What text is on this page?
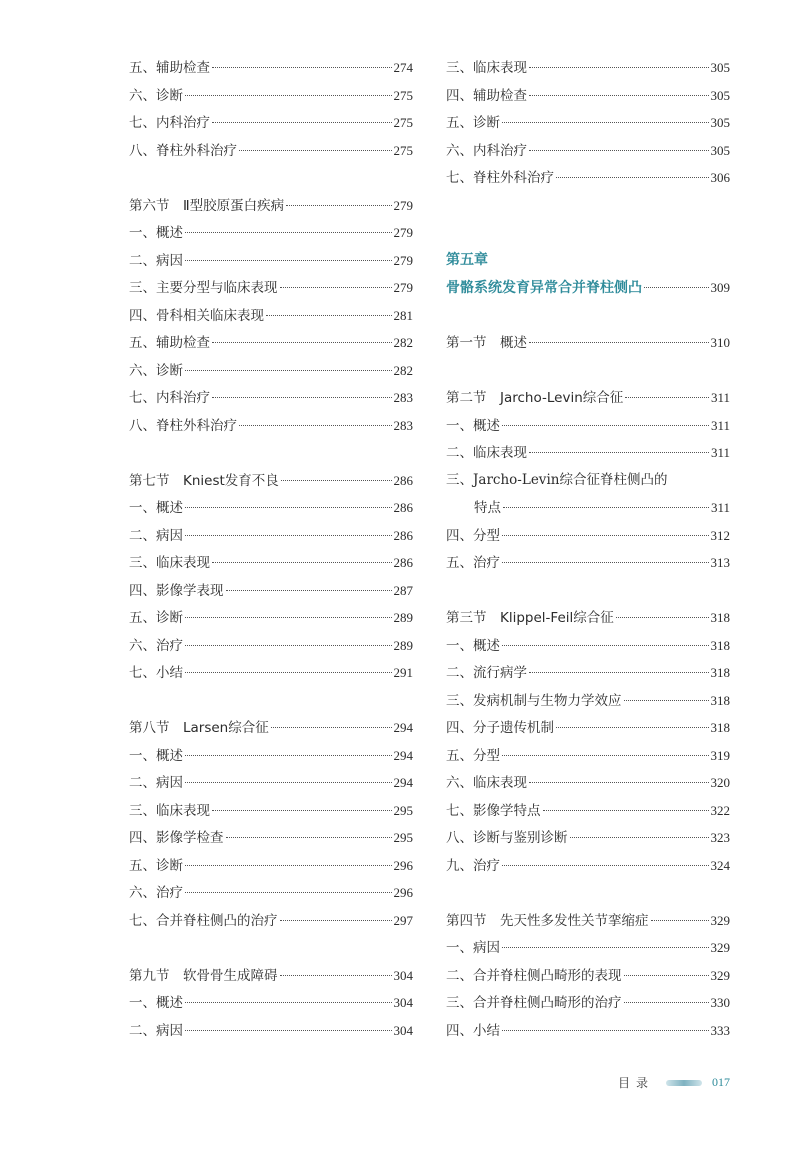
五、辅助检查	274
六、诊断	275
七、内科治疗	275
八、脊柱外科治疗	275
第六节　Ⅱ型胶原蛋白疾病	279
一、概述	279
二、病因	279
三、主要分型与临床表现	279
四、骨科相关临床表现	281
五、辅助检查	282
六、诊断	282
七、内科治疗	283
八、脊柱外科治疗	283
第七节　Kniest发育不良	286
一、概述	286
二、病因	286
三、临床表现	286
四、影像学表现	287
五、诊断	289
六、治疗	289
七、小结	291
第八节　Larsen综合征	294
一、概述	294
二、病因	294
三、临床表现	295
四、影像学检查	295
五、诊断	296
六、治疗	296
七、合并脊柱侧凸的治疗	297
第九节　软骨骨生成障碍	304
一、概述	304
二、病因	304
三、临床表现	305
四、辅助检查	305
五、诊断	305
六、内科治疗	305
七、脊柱外科治疗	306
第五章
骨骼系统发育异常合并脊柱侧凸	309
第一节　概述	310
第二节　Jarcho-Levin综合征	311
一、概述	311
二、临床表现	311
三、Jarcho-Levin综合征脊柱侧凸的
特点	311
四、分型	312
五、治疗	313
第三节　Klippel-Feil综合征	318
一、概述	318
二、流行病学	318
三、发病机制与生物力学效应	318
四、分子遗传机制	318
五、分型	319
六、临床表现	320
七、影像学特点	322
八、诊断与鉴别诊断	323
九、治疗	324
第四节　先天性多发性关节挛缩症	329
一、病因	329
二、合并脊柱侧凸畸形的表现	329
三、合并脊柱侧凸畸形的治疗	330
四、小结	333
目录	017
